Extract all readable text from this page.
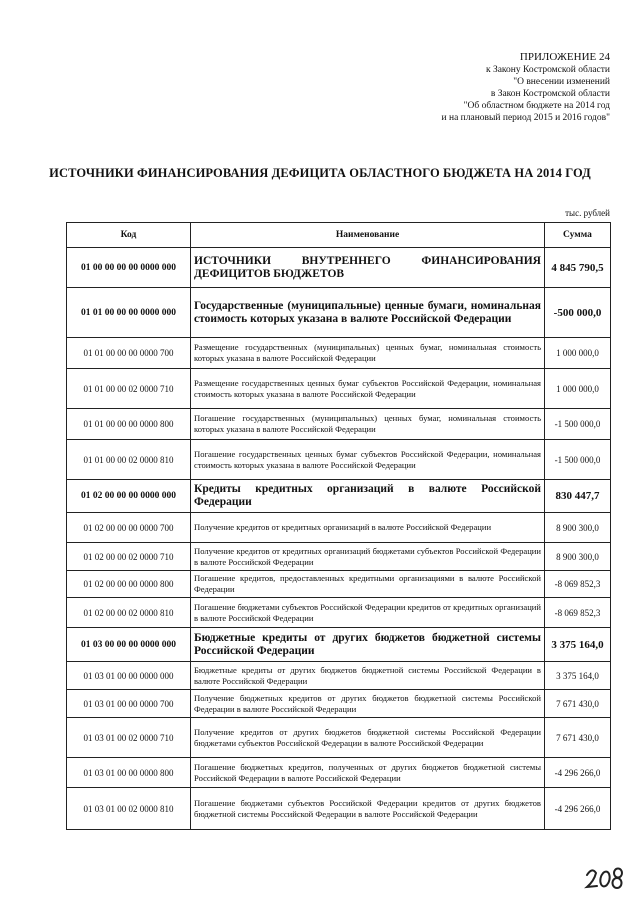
ПРИЛОЖЕНИЕ 24
к Закону Костромской области
"О внесении изменений
в Закон Костромской области
"Об областном бюджете на 2014 год
и на плановый период 2015 и 2016 годов"
ИСТОЧНИКИ ФИНАНСИРОВАНИЯ ДЕФИЦИТА ОБЛАСТНОГО БЮДЖЕТА НА 2014 ГОД
тыс. рублей
Код	Наименование	Сумма
01 00 00 00 00 0000 000	ИСТОЧНИКИ ВНУТРЕННЕГО ФИНАНСИРОВАНИЯ ДЕФИЦИТОВ БЮДЖЕТОВ	4 845 790,5
01 01 00 00 00 0000 000	Государственные (муниципальные) ценные бумаги, номинальная стоимость которых указана в валюте Российской Федерации	-500 000,0
01 01 00 00 00 0000 700	Размещение государственных (муниципальных) ценных бумаг, номинальная стоимость которых указана в валюте Российской Федерации	1 000 000,0
01 01 00 00 02 0000 710	Размещение государственных ценных бумаг субъектов Российской Федерации, номинальная стоимость которых указана в валюте Российской Федерации	1 000 000,0
01 01 00 00 00 0000 800	Погашение государственных (муниципальных) ценных бумаг, номинальная стоимость которых указана в валюте Российской Федерации	-1 500 000,0
01 01 00 00 02 0000 810	Погашение государственных ценных бумаг субъектов Российской Федерации, номинальная стоимость которых указана в валюте Российской Федерации	-1 500 000,0
01 02 00 00 00 0000 000	Кредиты кредитных организаций в валюте Российской Федерации	830 447,7
01 02 00 00 00 0000 700	Получение кредитов от кредитных организаций в валюте Российской Федерации	8 900 300,0
01 02 00 00 02 0000 710	Получение кредитов от кредитных организаций бюджетами субъектов Российской Федерации в валюте Российской Федерации	8 900 300,0
01 02 00 00 00 0000 800	Погашение кредитов, предоставленных кредитными организациями в валюте Российской Федерации	-8 069 852,3
01 02 00 00 02 0000 810	Погашение бюджетами субъектов Российской Федерации кредитов от кредитных организаций в валюте Российской Федерации	-8 069 852,3
01 03 00 00 00 0000 000	Бюджетные кредиты от других бюджетов бюджетной системы Российской Федерации	3 375 164,0
01 03 01 00 00 0000 000	Бюджетные кредиты от других бюджетов бюджетной системы Российской Федерации в валюте Российской Федерации	3 375 164,0
01 03 01 00 00 0000 700	Получение бюджетных кредитов от других бюджетов бюджетной системы Российской Федерации в валюте Российской Федерации	7 671 430,0
01 03 01 00 02 0000 710	Получение кредитов от других бюджетов бюджетной системы Российской Федерации бюджетами субъектов Российской Федерации в валюте Российской Федерации	7 671 430,0
01 03 01 00 00 0000 800	Погашение бюджетных кредитов, полученных от других бюджетов бюджетной системы Российской Федерации в валюте Российской Федерации	-4 296 266,0
01 03 01 00 02 0000 810	Погашение бюджетами субъектов Российской Федерации кредитов от других бюджетов бюджетной системы Российской Федерации в валюте Российской Федерации	-4 296 266,0
